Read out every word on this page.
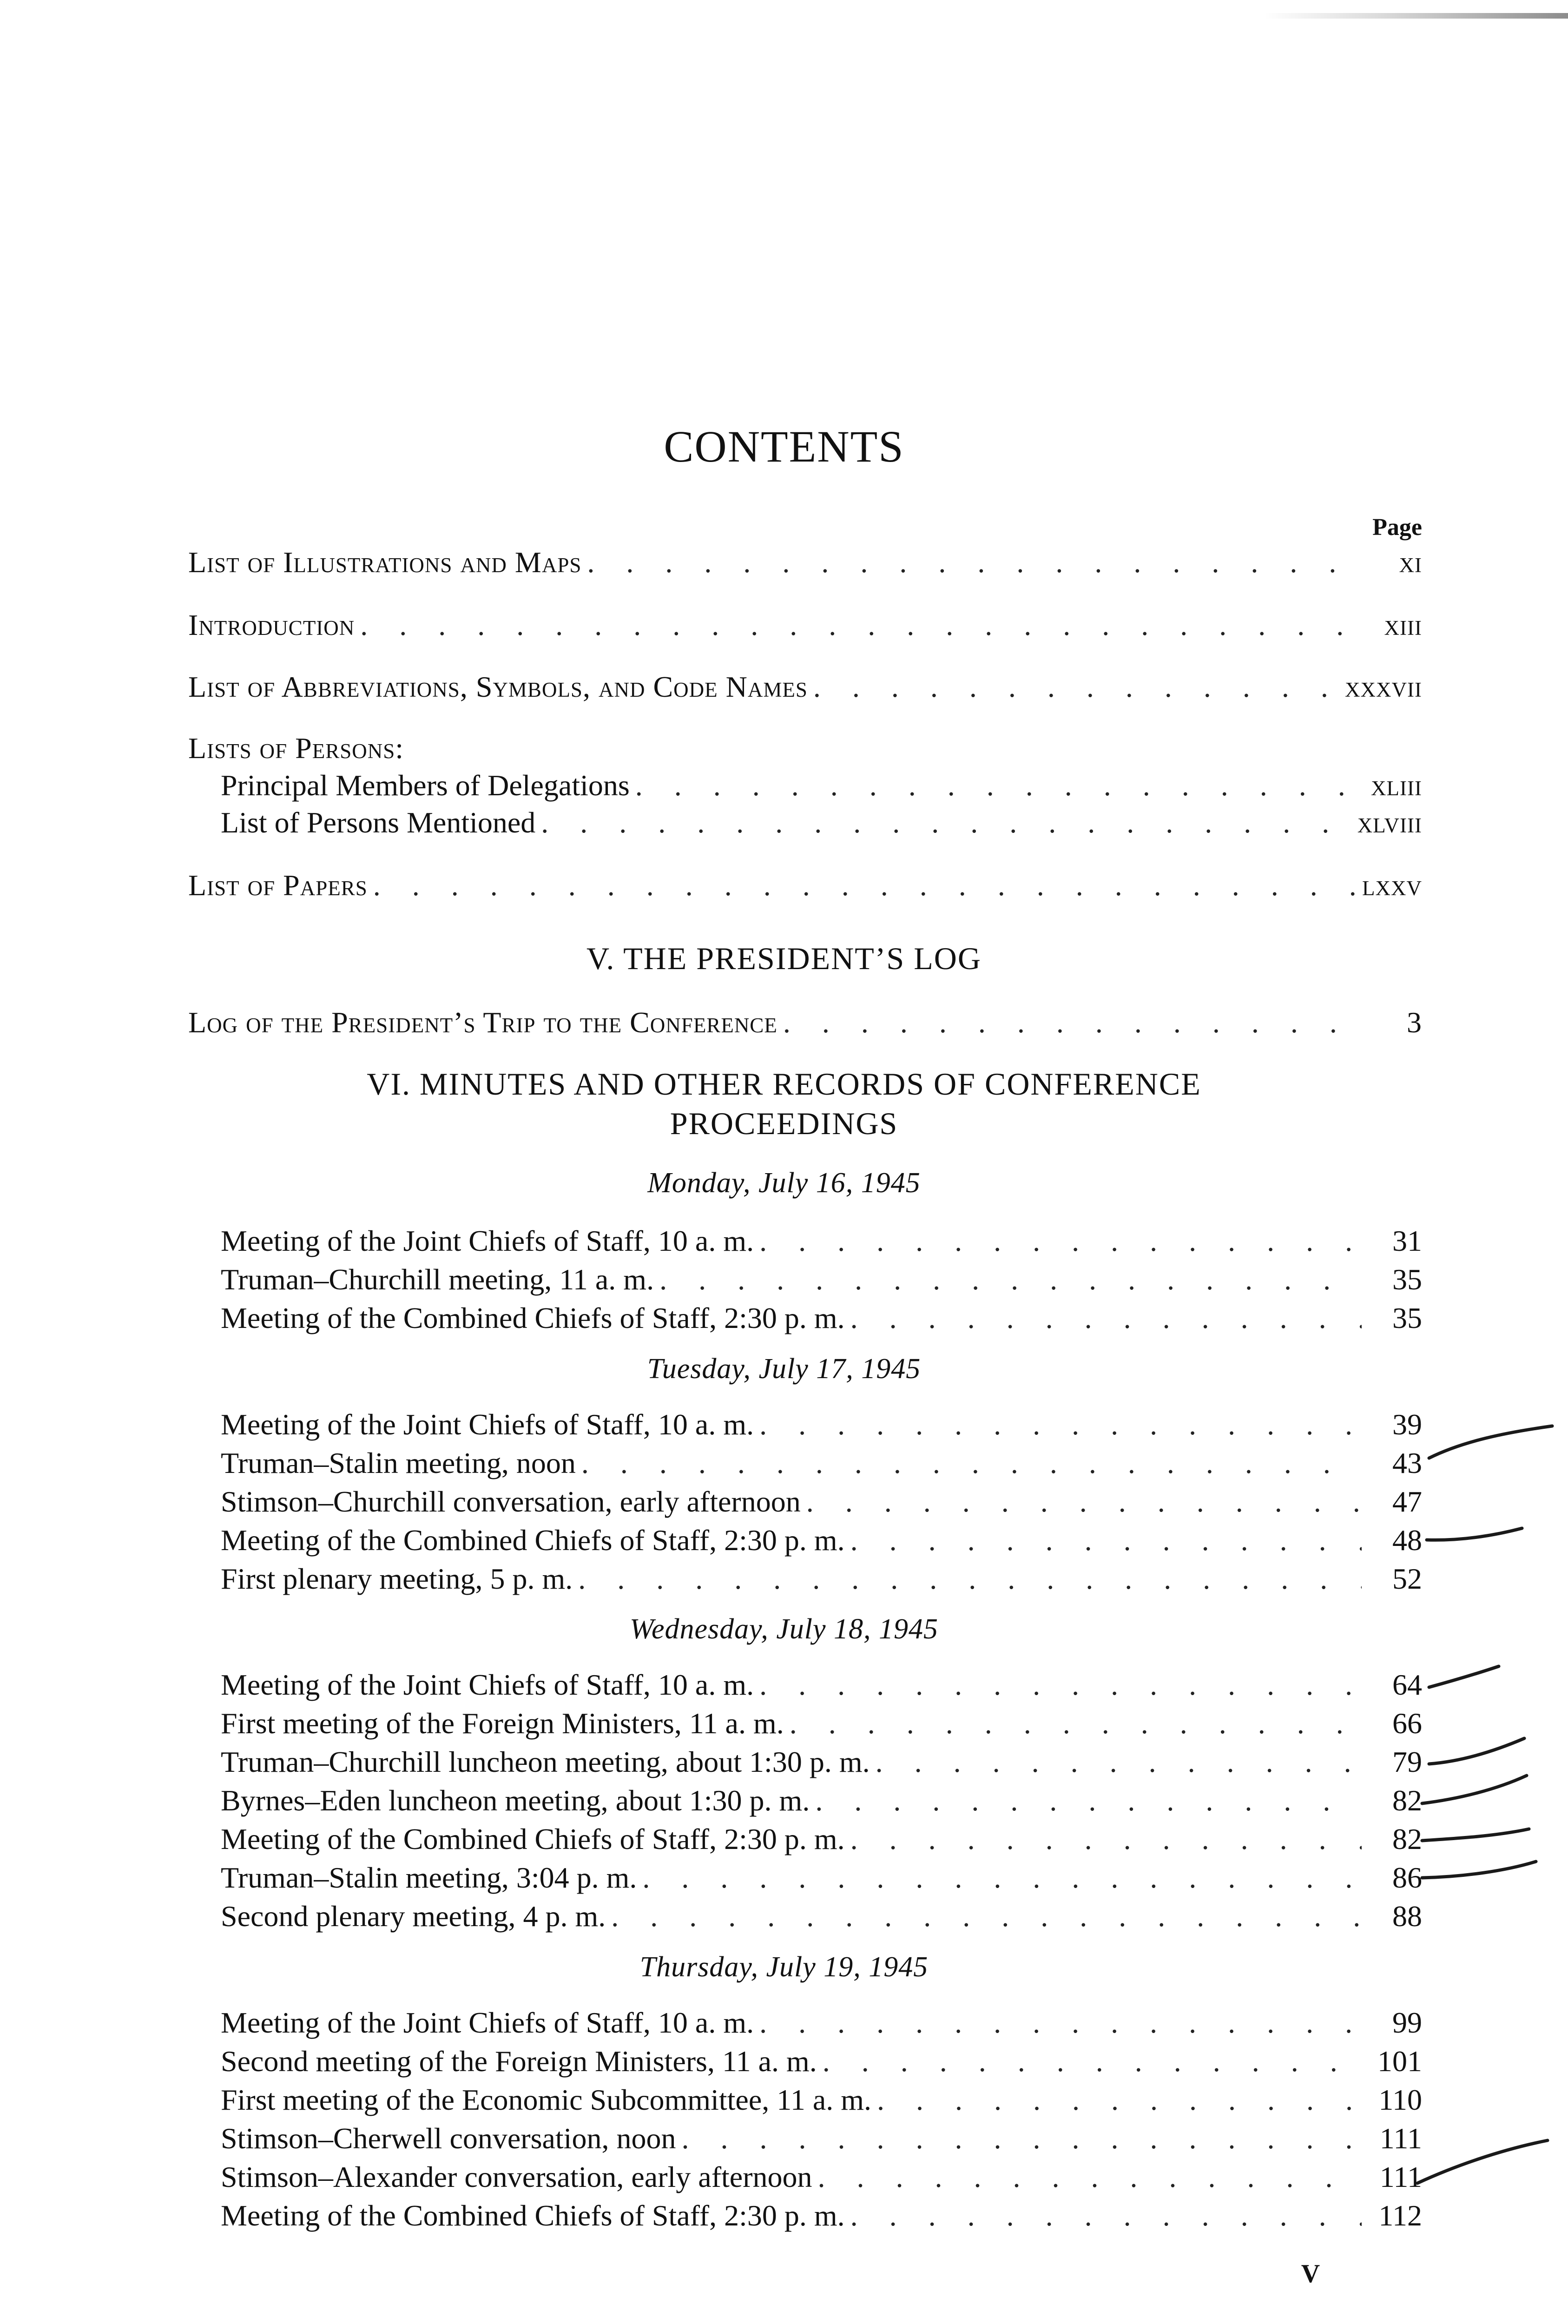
CONTENTS
Page
List of Illustrations and Maps . . .	xi
Introduction . . .	xiii
List of Abbreviations, Symbols, and Code Names . . .	xxxvii
Lists of Persons:
Principal Members of Delegations . . .	xliii
List of Persons Mentioned . . .	xlviii
List of Papers . . .	lxxv
V. THE PRESIDENT’S LOG
Log of the President’s Trip to the Conference . . .	3
VI. MINUTES AND OTHER RECORDS OF CONFERENCE
PROCEEDINGS
Monday, July 16, 1945
Meeting of the Joint Chiefs of Staff, 10 a. m. . . .	31
Truman–Churchill meeting, 11 a. m. . . .	35
Meeting of the Combined Chiefs of Staff, 2:30 p. m. . . .	35
Tuesday, July 17, 1945
Meeting of the Joint Chiefs of Staff, 10 a. m. . . .	39
Truman–Stalin meeting, noon . . .	43
Stimson–Churchill conversation, early afternoon . . .	47
Meeting of the Combined Chiefs of Staff, 2:30 p. m. . . .	48
First plenary meeting, 5 p. m. . . .	52
Wednesday, July 18, 1945
Meeting of the Joint Chiefs of Staff, 10 a. m. . . .	64
First meeting of the Foreign Ministers, 11 a. m. . . .	66
Truman–Churchill luncheon meeting, about 1:30 p. m. . . .	79
Byrnes–Eden luncheon meeting, about 1:30 p. m. . . .	82
Meeting of the Combined Chiefs of Staff, 2:30 p. m. . . .	82
Truman–Stalin meeting, 3:04 p. m. . . .	86
Second plenary meeting, 4 p. m. . . .	88
Thursday, July 19, 1945
Meeting of the Joint Chiefs of Staff, 10 a. m. . . .	99
Second meeting of the Foreign Ministers, 11 a. m. . . .	101
First meeting of the Economic Subcommittee, 11 a. m. . . .	110
Stimson–Cherwell conversation, noon . . .	111
Stimson–Alexander conversation, early afternoon . . .	111
Meeting of the Combined Chiefs of Staff, 2:30 p. m. . . .	112
V
